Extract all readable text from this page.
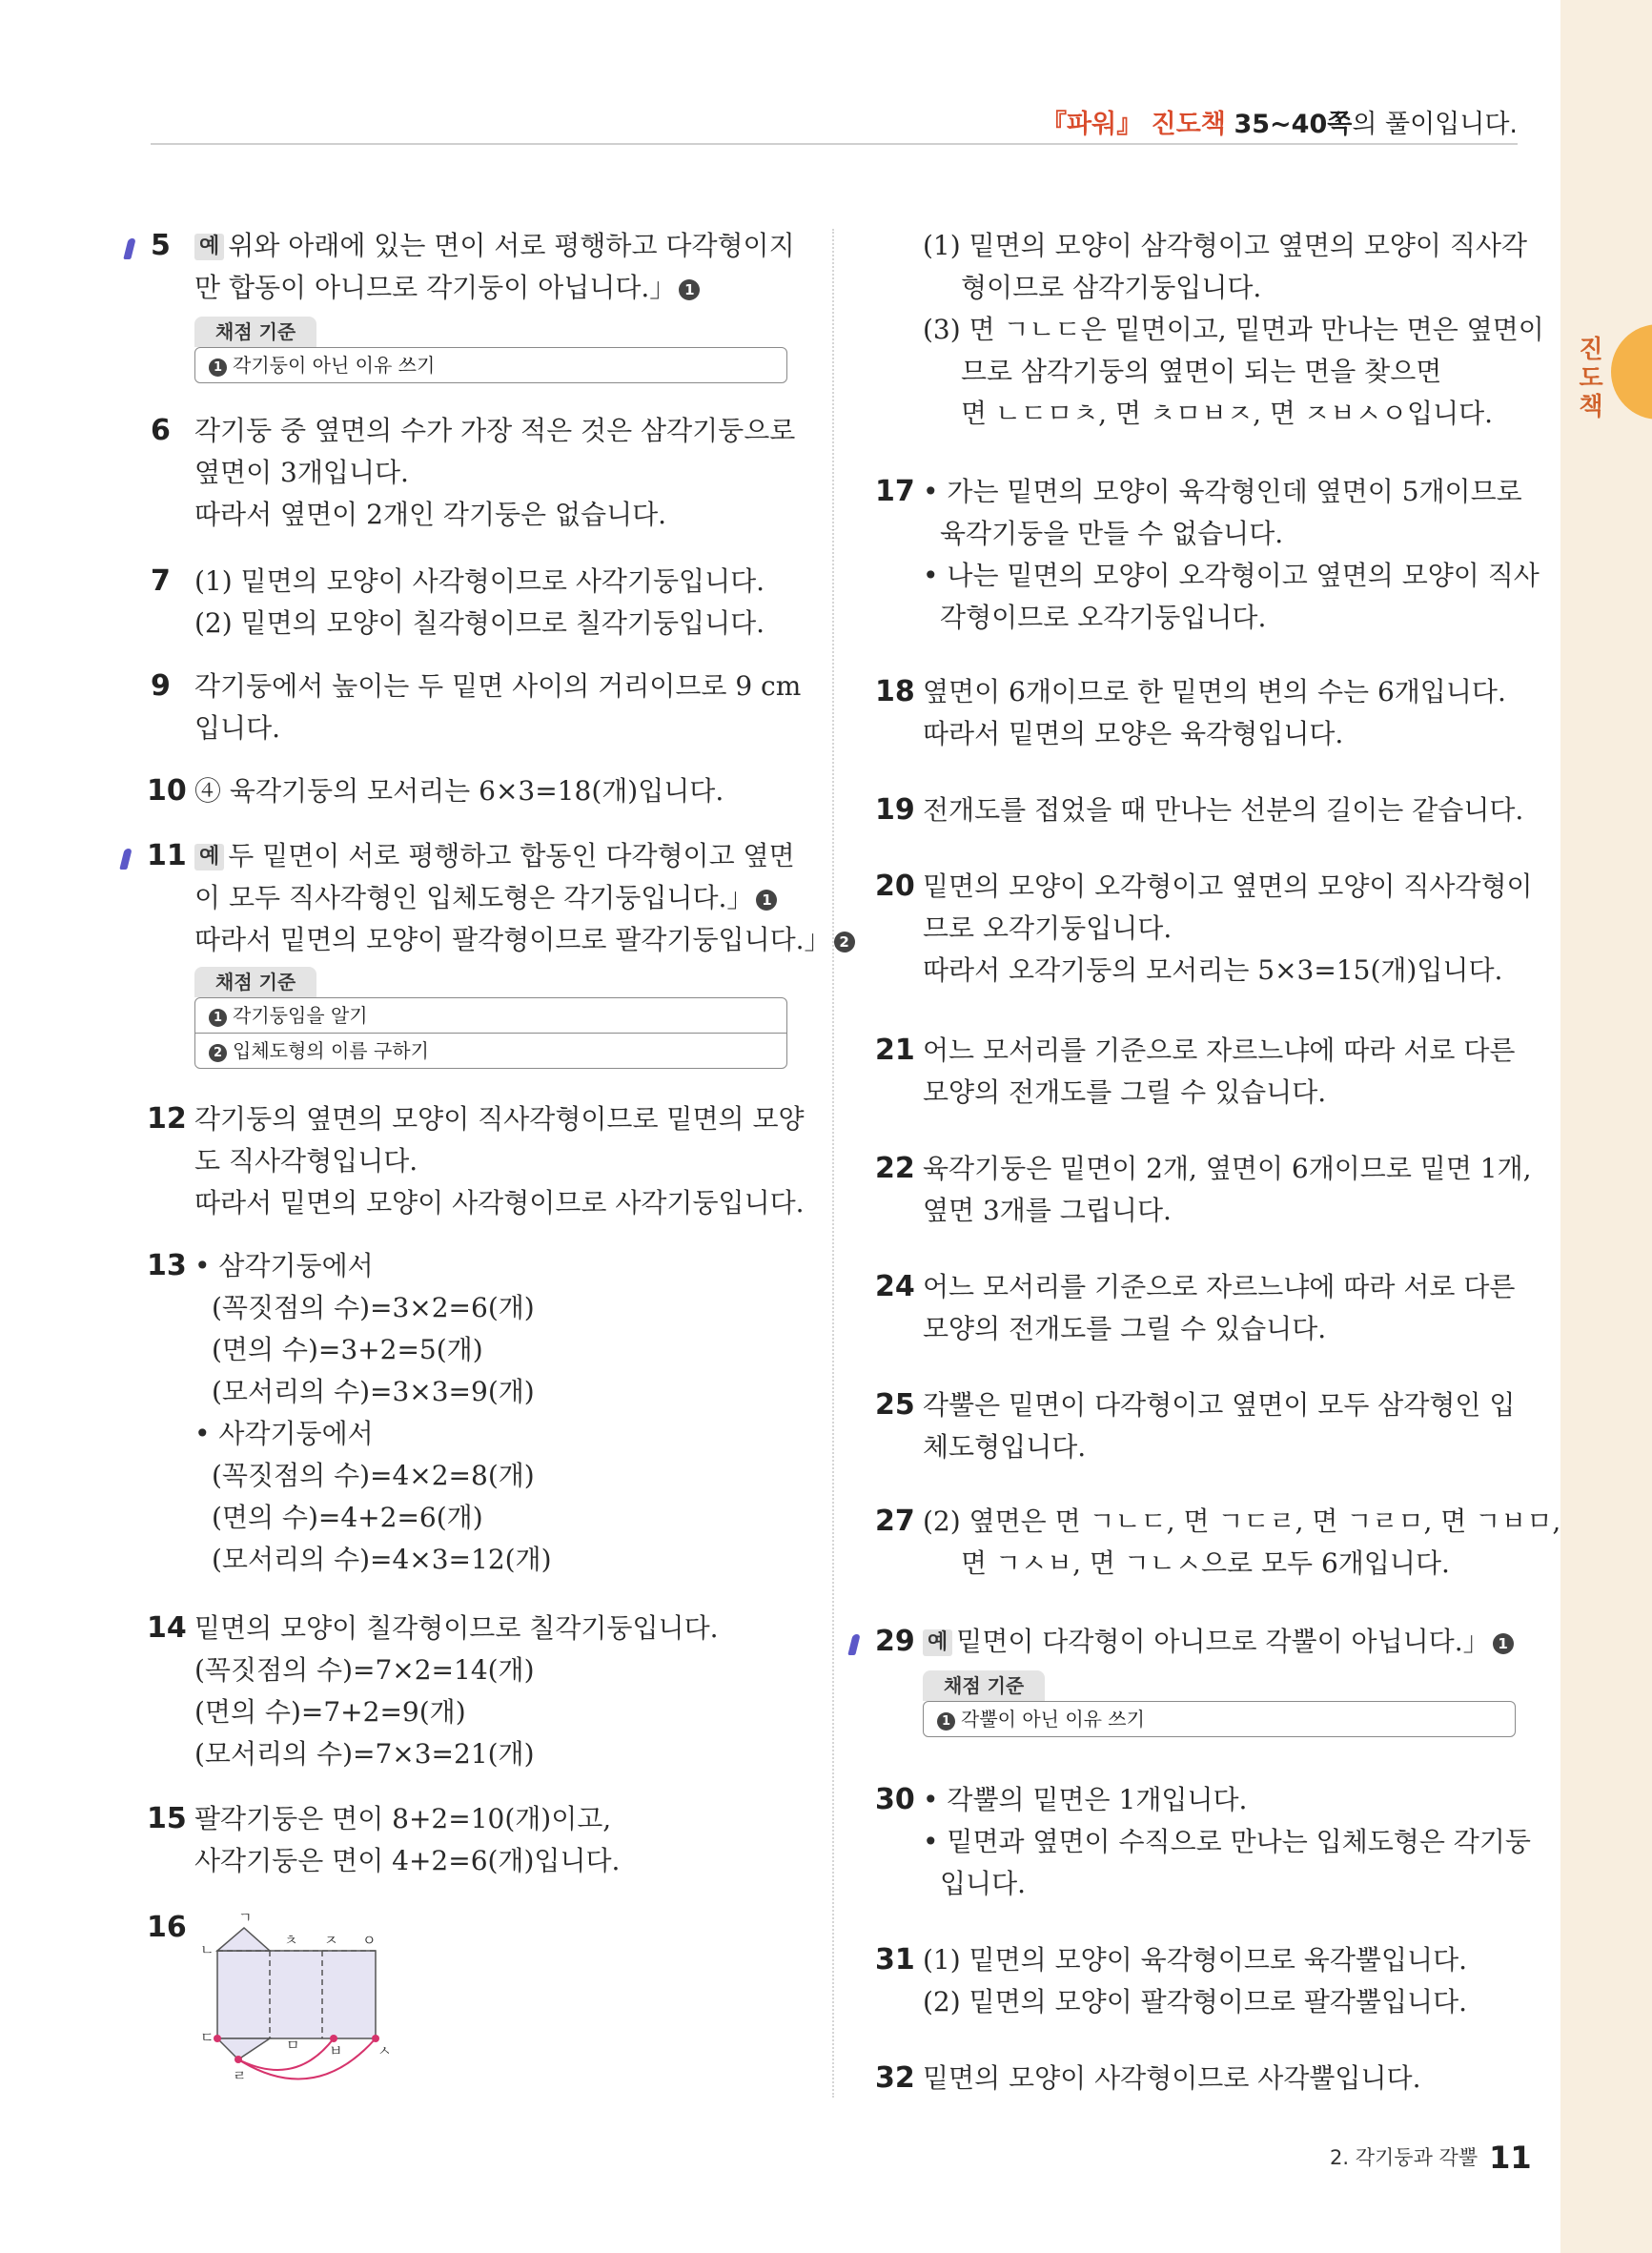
진도책
『파워』 진도책 35~40쪽의 풀이입니다.
5 예 위와 아래에 있는 면이 서로 평행하고 다각형이지
만 합동이 아니므로 각기둥이 아닙니다.」 1
채점 기준
1 각기둥이 아닌 이유 쓰기
6 각기둥 중 옆면의 수가 가장 적은 것은 삼각기둥으로
옆면이 3개입니다.
따라서 옆면이 2개인 각기둥은 없습니다.
7 (1) 밑면의 모양이 사각형이므로 사각기둥입니다.
(2) 밑면의 모양이 칠각형이므로 칠각기둥입니다.
9 각기둥에서 높이는 두 밑면 사이의 거리이므로 9 cm
입니다.
10 ④ 육각기둥의 모서리는 6×3=18(개)입니다.
11 예 두 밑면이 서로 평행하고 합동인 다각형이고 옆면
이 모두 직사각형인 입체도형은 각기둥입니다.」 1
따라서 밑면의 모양이 팔각형이므로 팔각기둥입니다.」 2
채점 기준
1 각기둥임을 알기
2 입체도형의 이름 구하기
12 각기둥의 옆면의 모양이 직사각형이므로 밑면의 모양
도 직사각형입니다.
따라서 밑면의 모양이 사각형이므로 사각기둥입니다.
13 • 삼각기둥에서
(꼭짓점의 수)=3×2=6(개)
(면의 수)=3+2=5(개)
(모서리의 수)=3×3=9(개)
• 사각기둥에서
(꼭짓점의 수)=4×2=8(개)
(면의 수)=4+2=6(개)
(모서리의 수)=4×3=12(개)
14 밑면의 모양이 칠각형이므로 칠각기둥입니다.
(꼭짓점의 수)=7×2=14(개)
(면의 수)=7+2=9(개)
(모서리의 수)=7×3=21(개)
15 팔각기둥은 면이 8+2=10(개)이고,
사각기둥은 면이 4+2=6(개)입니다.
16	ㄱ
ㄴ
ㄷ
ㄹ
ㅁ ㅂ ㅅ
ㅇ
ㅈ
ㅊ
(1) 밑면의 모양이 삼각형이고 옆면의 모양이 직사각
형이므로 삼각기둥입니다.
(3) 면 ㄱㄴㄷ은 밑면이고, 밑면과 만나는 면은 옆면이
므로 삼각기둥의 옆면이 되는 면을 찾으면
면 ㄴㄷㅁㅊ, 면 ㅊㅁㅂㅈ, 면 ㅈㅂㅅㅇ입니다.
17 • 가는 밑면의 모양이 육각형인데 옆면이 5개이므로
육각기둥을 만들 수 없습니다.
• 나는 밑면의 모양이 오각형이고 옆면의 모양이 직사
각형이므로 오각기둥입니다.
18 옆면이 6개이므로 한 밑면의 변의 수는 6개입니다.
따라서 밑면의 모양은 육각형입니다.
19 전개도를 접었을 때 만나는 선분의 길이는 같습니다.
20 밑면의 모양이 오각형이고 옆면의 모양이 직사각형이
므로 오각기둥입니다.
따라서 오각기둥의 모서리는 5×3=15(개)입니다.
21 어느 모서리를 기준으로 자르느냐에 따라 서로 다른
모양의 전개도를 그릴 수 있습니다.
22 육각기둥은 밑면이 2개, 옆면이 6개이므로 밑면 1개,
옆면 3개를 그립니다.
24 어느 모서리를 기준으로 자르느냐에 따라 서로 다른
모양의 전개도를 그릴 수 있습니다.
25 각뿔은 밑면이 다각형이고 옆면이 모두 삼각형인 입
체도형입니다.
27 (2) 옆면은 면 ㄱㄴㄷ, 면 ㄱㄷㄹ, 면 ㄱㄹㅁ, 면 ㄱㅂㅁ,
면 ㄱㅅㅂ, 면 ㄱㄴㅅ으로 모두 6개입니다.
29 예 밑면이 다각형이 아니므로 각뿔이 아닙니다.」 1
채점 기준
1 각뿔이 아닌 이유 쓰기
30 • 각뿔의 밑면은 1개입니다.
• 밑면과 옆면이 수직으로 만나는 입체도형은 각기둥
입니다.
31 (1) 밑면의 모양이 육각형이므로 육각뿔입니다.
(2) 밑면의 모양이 팔각형이므로 팔각뿔입니다.
32 밑면의 모양이 사각형이므로 사각뿔입니다.
2. 각기둥과 각뿔 11
